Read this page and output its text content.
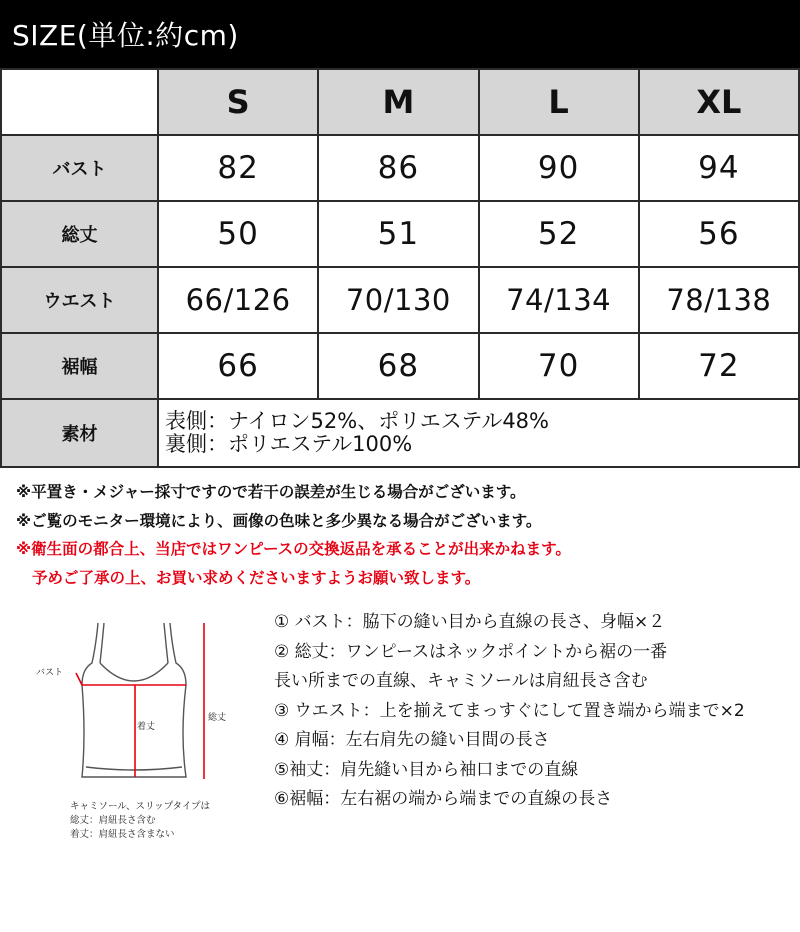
SIZE(単位:約cm)
	S	M	L	XL
バスト	82	86	90	94
総丈	50	51	52	56
ウエスト	66/126	70/130	74/134	78/138
裾幅	66	68	70	72
素材	表側：ナイロン52%、ポリエステル48%
裏側：ポリエステル100%			
※平置き・メジャー採寸ですので若干の誤差が生じる場合がございます。
※ご覧のモニター環境により、画像の色味と多少異なる場合がございます。
※衛生面の都合上、当店ではワンピースの交換返品を承ることが出来かねます。
予めご了承の上、お買い求めくださいますようお願い致します。
バスト
着丈
総丈
キャミソール、スリップタイプは
総丈：肩紐長さ含む
着丈：肩紐長さ含まない
① バスト：脇下の縫い目から直線の長さ、身幅×２
② 総丈：ワンピースはネックポイントから裾の一番
長い所までの直線、キャミソールは肩紐長さ含む
③ ウエスト：上を揃えてまっすぐにして置き端から端まで×2
④ 肩幅：左右肩先の縫い目間の長さ
⑤袖丈：肩先縫い目から袖口までの直線
⑥裾幅：左右裾の端から端までの直線の長さ
